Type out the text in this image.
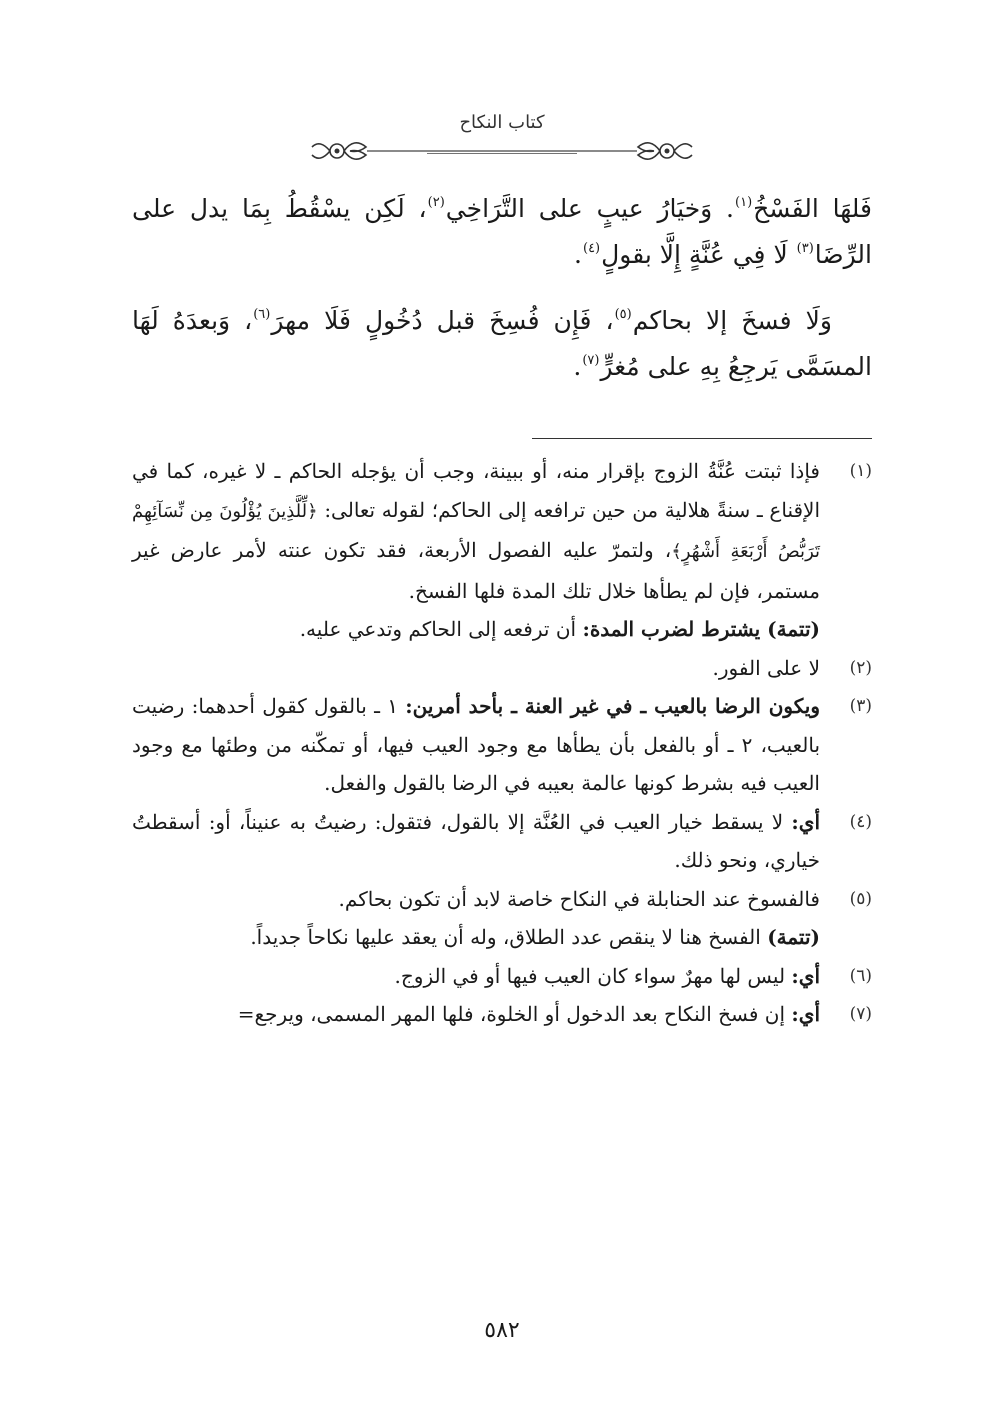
كتاب النكاح

فَلهَا الفَسْخُ$^{(١)}$. وَخيَارُ عيبٍ على التَّرَاخِي$^{(٢)}$، لَكِن يسْقُطُ بِمَا يدل على الرِّضَا$^{(٣)}$ لَا فِي عُنَّةٍ إِلَّا بقولٍ$^{(٤)}$.

وَلَا فسخَ إلا بحاكم$^{(٥)}$، فَإِن فُسِخَ قبل دُخُولٍ فَلَا مهرَ$^{(٦)}$، وَبعدَهُ لَهَا المسَمَّى يَرجِعُ بِهِ على مُغرٍّ$^{(٧)}$.

(١)

فإذا ثبتت عُنَّةُ الزوج بإقرار منه، أو ببينة، وجب أن يؤجله الحاكم ـ لا غيره، كما في الإقناع ـ سنةً هلالية من حين ترافعه إلى الحاكم؛ لقوله تعالى: ﴿لِّلَّذِينَ يُؤْلُونَ مِن نِّسَآئِهِمْ تَرَبُّصُ أَرْبَعَةِ أَشْهُرٍ﴾، ولتمرّ عليه الفصول الأربعة، فقد تكون عنته لأمر عارض غير مستمر، فإن لم يطأها خلال تلك المدة فلها الفسخ.

(تتمة) يشترط لضرب المدة: أن ترفعه إلى الحاكم وتدعي عليه.

(٢)

لا على الفور.

(٣)

ويكون الرضا بالعيب ـ في غير العنة ـ بأحد أمرين: ١ ـ بالقول كقول أحدهما: رضيت بالعيب، ٢ ـ أو بالفعل بأن يطأها مع وجود العيب فيها، أو تمكّنه من وطئها مع وجود العيب فيه بشرط كونها عالمة بعيبه في الرضا بالقول والفعل.

(٤)

أي: لا يسقط خيار العيب في العُنَّة إلا بالقول، فتقول: رضيتُ به عنيناً، أو: أسقطتُ خياري، ونحو ذلك.

(٥)

فالفسوخ عند الحنابلة في النكاح خاصة لابد أن تكون بحاكم.

(تتمة) الفسخ هنا لا ينقص عدد الطلاق، وله أن يعقد عليها نكاحاً جديداً.

(٦)

أي: ليس لها مهرٌ سواء كان العيب فيها أو في الزوج.

(٧)

أي: إن فسخ النكاح بعد الدخول أو الخلوة، فلها المهر المسمى، ويرجع=

٥٨٢
